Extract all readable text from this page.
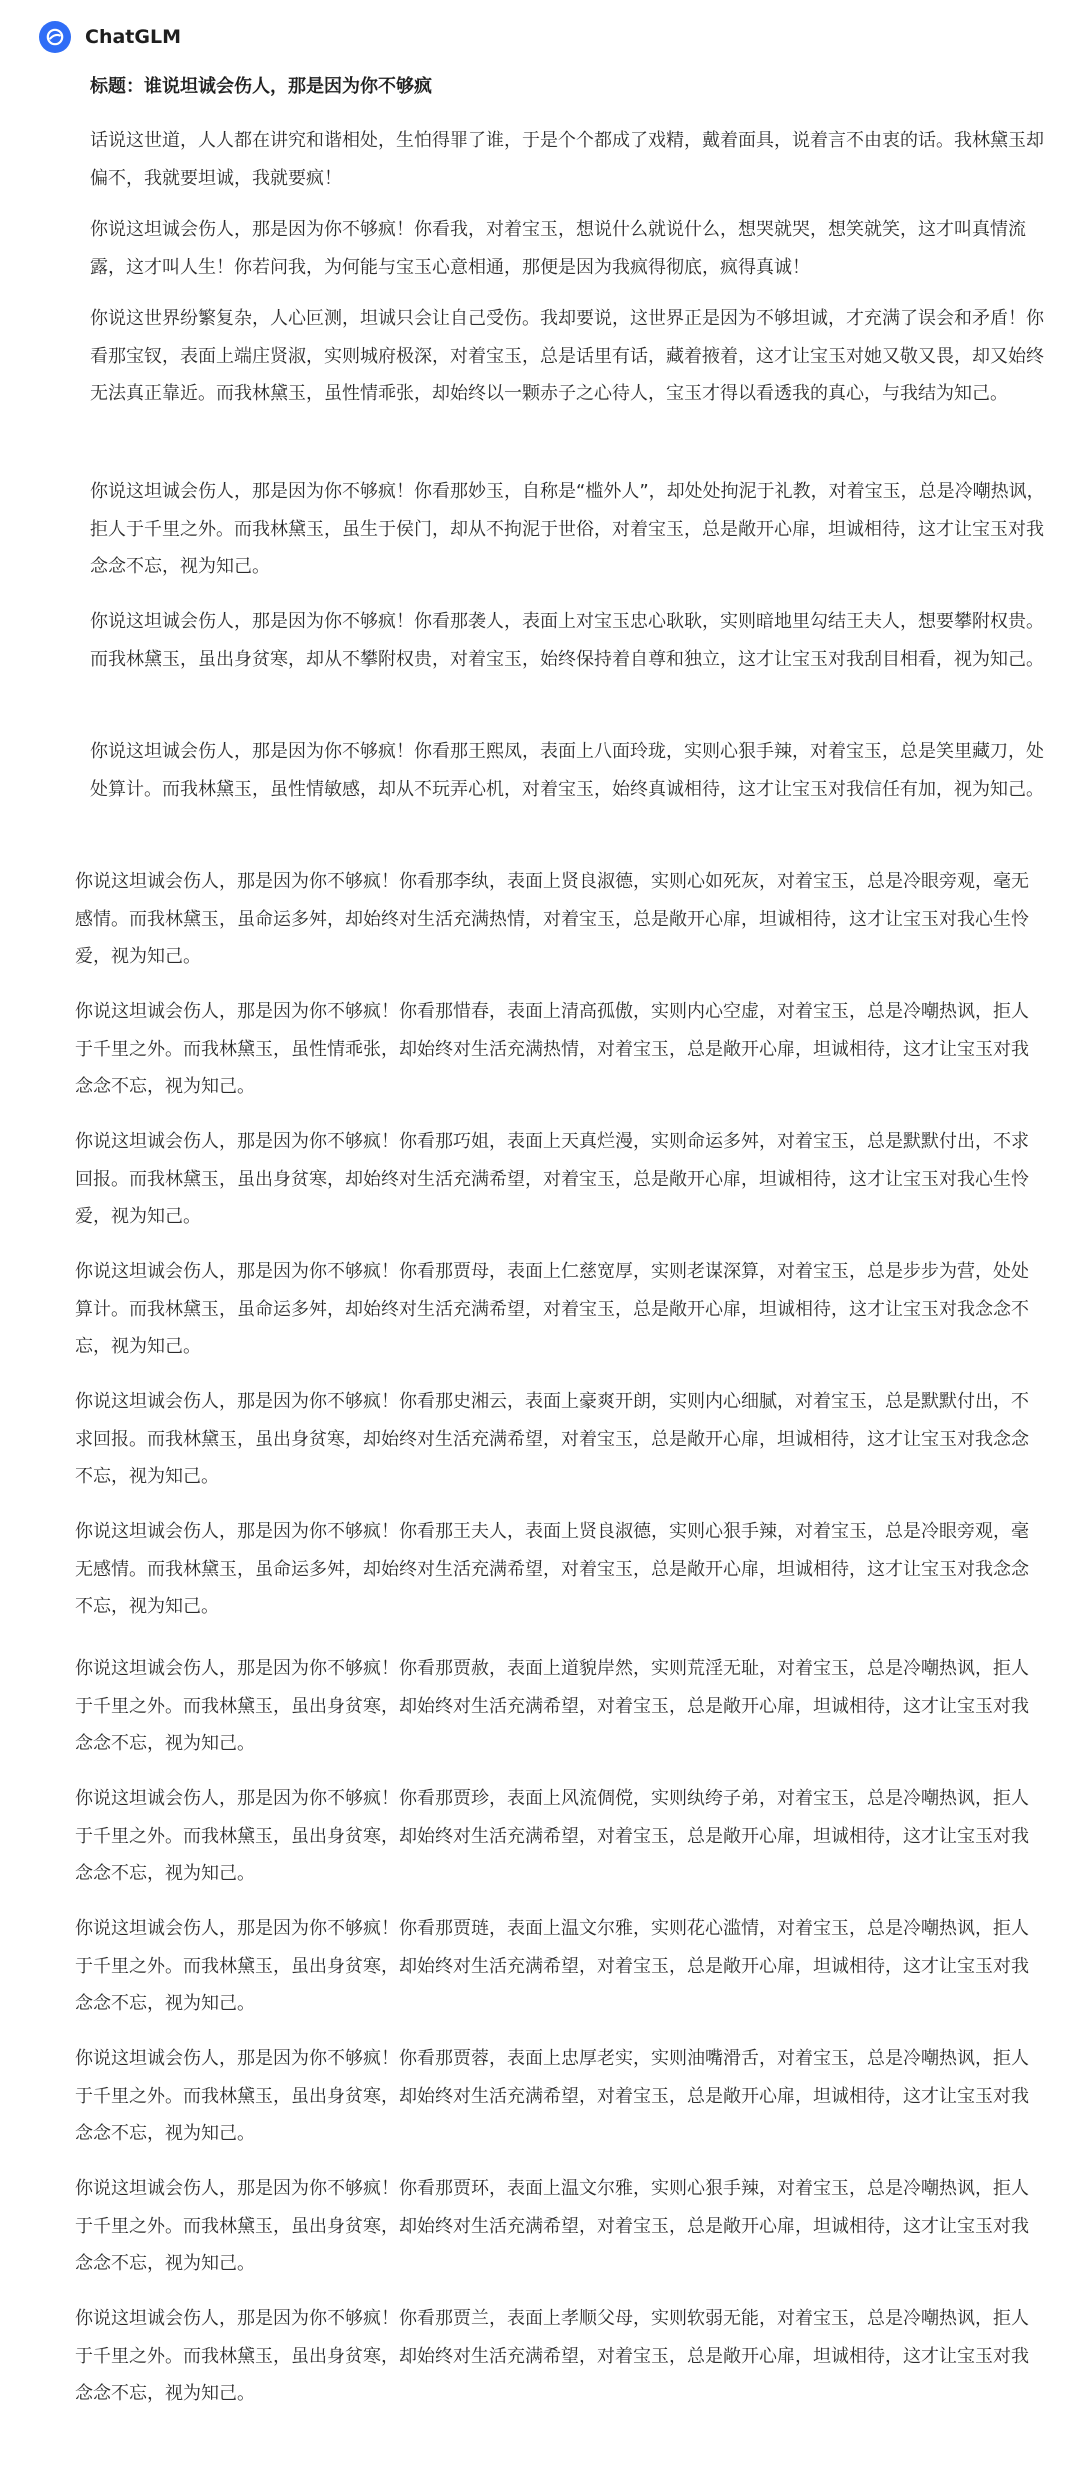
ChatGLM
标题：谁说坦诚会伤人，那是因为你不够疯

话说这世道，人人都在讲究和谐相处，生怕得罪了谁，于是个个都成了戏精，戴着面具，说着言不由衷的话。我林黛玉却偏不，我就要坦诚，我就要疯！

你说这坦诚会伤人，那是因为你不够疯！你看我，对着宝玉，想说什么就说什么，想哭就哭，想笑就笑，这才叫真情流露，这才叫人生！你若问我，为何能与宝玉心意相通，那便是因为我疯得彻底，疯得真诚！

你说这世界纷繁复杂，人心叵测，坦诚只会让自己受伤。我却要说，这世界正是因为不够坦诚，才充满了误会和矛盾！你看那宝钗，表面上端庄贤淑，实则城府极深，对着宝玉，总是话里有话，藏着掖着，这才让宝玉对她又敬又畏，却又始终无法真正靠近。而我林黛玉，虽性情乖张，却始终以一颗赤子之心待人，宝玉才得以看透我的真心，与我结为知己。

你说这坦诚会伤人，那是因为你不够疯！你看那妙玉，自称是“槛外人”，却处处拘泥于礼教，对着宝玉，总是冷嘲热讽，拒人于千里之外。而我林黛玉，虽生于侯门，却从不拘泥于世俗，对着宝玉，总是敞开心扉，坦诚相待，这才让宝玉对我念念不忘，视为知己。

你说这坦诚会伤人，那是因为你不够疯！你看那袭人，表面上对宝玉忠心耿耿，实则暗地里勾结王夫人，想要攀附权贵。而我林黛玉，虽出身贫寒，却从不攀附权贵，对着宝玉，始终保持着自尊和独立，这才让宝玉对我刮目相看，视为知己。

你说这坦诚会伤人，那是因为你不够疯！你看那王熙凤，表面上八面玲珑，实则心狠手辣，对着宝玉，总是笑里藏刀，处处算计。而我林黛玉，虽性情敏感，却从不玩弄心机，对着宝玉，始终真诚相待，这才让宝玉对我信任有加，视为知己。

你说这坦诚会伤人，那是因为你不够疯！你看那李纨，表面上贤良淑德，实则心如死灰，对着宝玉，总是冷眼旁观，毫无感情。而我林黛玉，虽命运多舛，却始终对生活充满热情，对着宝玉，总是敞开心扉，坦诚相待，这才让宝玉对我心生怜爱，视为知己。

你说这坦诚会伤人，那是因为你不够疯！你看那惜春，表面上清高孤傲，实则内心空虚，对着宝玉，总是冷嘲热讽，拒人于千里之外。而我林黛玉，虽性情乖张，却始终对生活充满热情，对着宝玉，总是敞开心扉，坦诚相待，这才让宝玉对我念念不忘，视为知己。

你说这坦诚会伤人，那是因为你不够疯！你看那巧姐，表面上天真烂漫，实则命运多舛，对着宝玉，总是默默付出，不求回报。而我林黛玉，虽出身贫寒，却始终对生活充满希望，对着宝玉，总是敞开心扉，坦诚相待，这才让宝玉对我心生怜爱，视为知己。

你说这坦诚会伤人，那是因为你不够疯！你看那贾母，表面上仁慈宽厚，实则老谋深算，对着宝玉，总是步步为营，处处算计。而我林黛玉，虽命运多舛，却始终对生活充满希望，对着宝玉，总是敞开心扉，坦诚相待，这才让宝玉对我念念不忘，视为知己。

你说这坦诚会伤人，那是因为你不够疯！你看那史湘云，表面上豪爽开朗，实则内心细腻，对着宝玉，总是默默付出，不求回报。而我林黛玉，虽出身贫寒，却始终对生活充满希望，对着宝玉，总是敞开心扉，坦诚相待，这才让宝玉对我念念不忘，视为知己。

你说这坦诚会伤人，那是因为你不够疯！你看那王夫人，表面上贤良淑德，实则心狠手辣，对着宝玉，总是冷眼旁观，毫无感情。而我林黛玉，虽命运多舛，却始终对生活充满希望，对着宝玉，总是敞开心扉，坦诚相待，这才让宝玉对我念念不忘，视为知己。

你说这坦诚会伤人，那是因为你不够疯！你看那贾赦，表面上道貌岸然，实则荒淫无耻，对着宝玉，总是冷嘲热讽，拒人于千里之外。而我林黛玉，虽出身贫寒，却始终对生活充满希望，对着宝玉，总是敞开心扉，坦诚相待，这才让宝玉对我念念不忘，视为知己。

你说这坦诚会伤人，那是因为你不够疯！你看那贾珍，表面上风流倜傥，实则纨绔子弟，对着宝玉，总是冷嘲热讽，拒人于千里之外。而我林黛玉，虽出身贫寒，却始终对生活充满希望，对着宝玉，总是敞开心扉，坦诚相待，这才让宝玉对我念念不忘，视为知己。

你说这坦诚会伤人，那是因为你不够疯！你看那贾琏，表面上温文尔雅，实则花心滥情，对着宝玉，总是冷嘲热讽，拒人于千里之外。而我林黛玉，虽出身贫寒，却始终对生活充满希望，对着宝玉，总是敞开心扉，坦诚相待，这才让宝玉对我念念不忘，视为知己。

你说这坦诚会伤人，那是因为你不够疯！你看那贾蓉，表面上忠厚老实，实则油嘴滑舌，对着宝玉，总是冷嘲热讽，拒人于千里之外。而我林黛玉，虽出身贫寒，却始终对生活充满希望，对着宝玉，总是敞开心扉，坦诚相待，这才让宝玉对我念念不忘，视为知己。

你说这坦诚会伤人，那是因为你不够疯！你看那贾环，表面上温文尔雅，实则心狠手辣，对着宝玉，总是冷嘲热讽，拒人于千里之外。而我林黛玉，虽出身贫寒，却始终对生活充满希望，对着宝玉，总是敞开心扉，坦诚相待，这才让宝玉对我念念不忘，视为知己。

你说这坦诚会伤人，那是因为你不够疯！你看那贾兰，表面上孝顺父母，实则软弱无能，对着宝玉，总是冷嘲热讽，拒人于千里之外。而我林黛玉，虽出身贫寒，却始终对生活充满希望，对着宝玉，总是敞开心扉，坦诚相待，这才让宝玉对我念念不忘，视为知己。
